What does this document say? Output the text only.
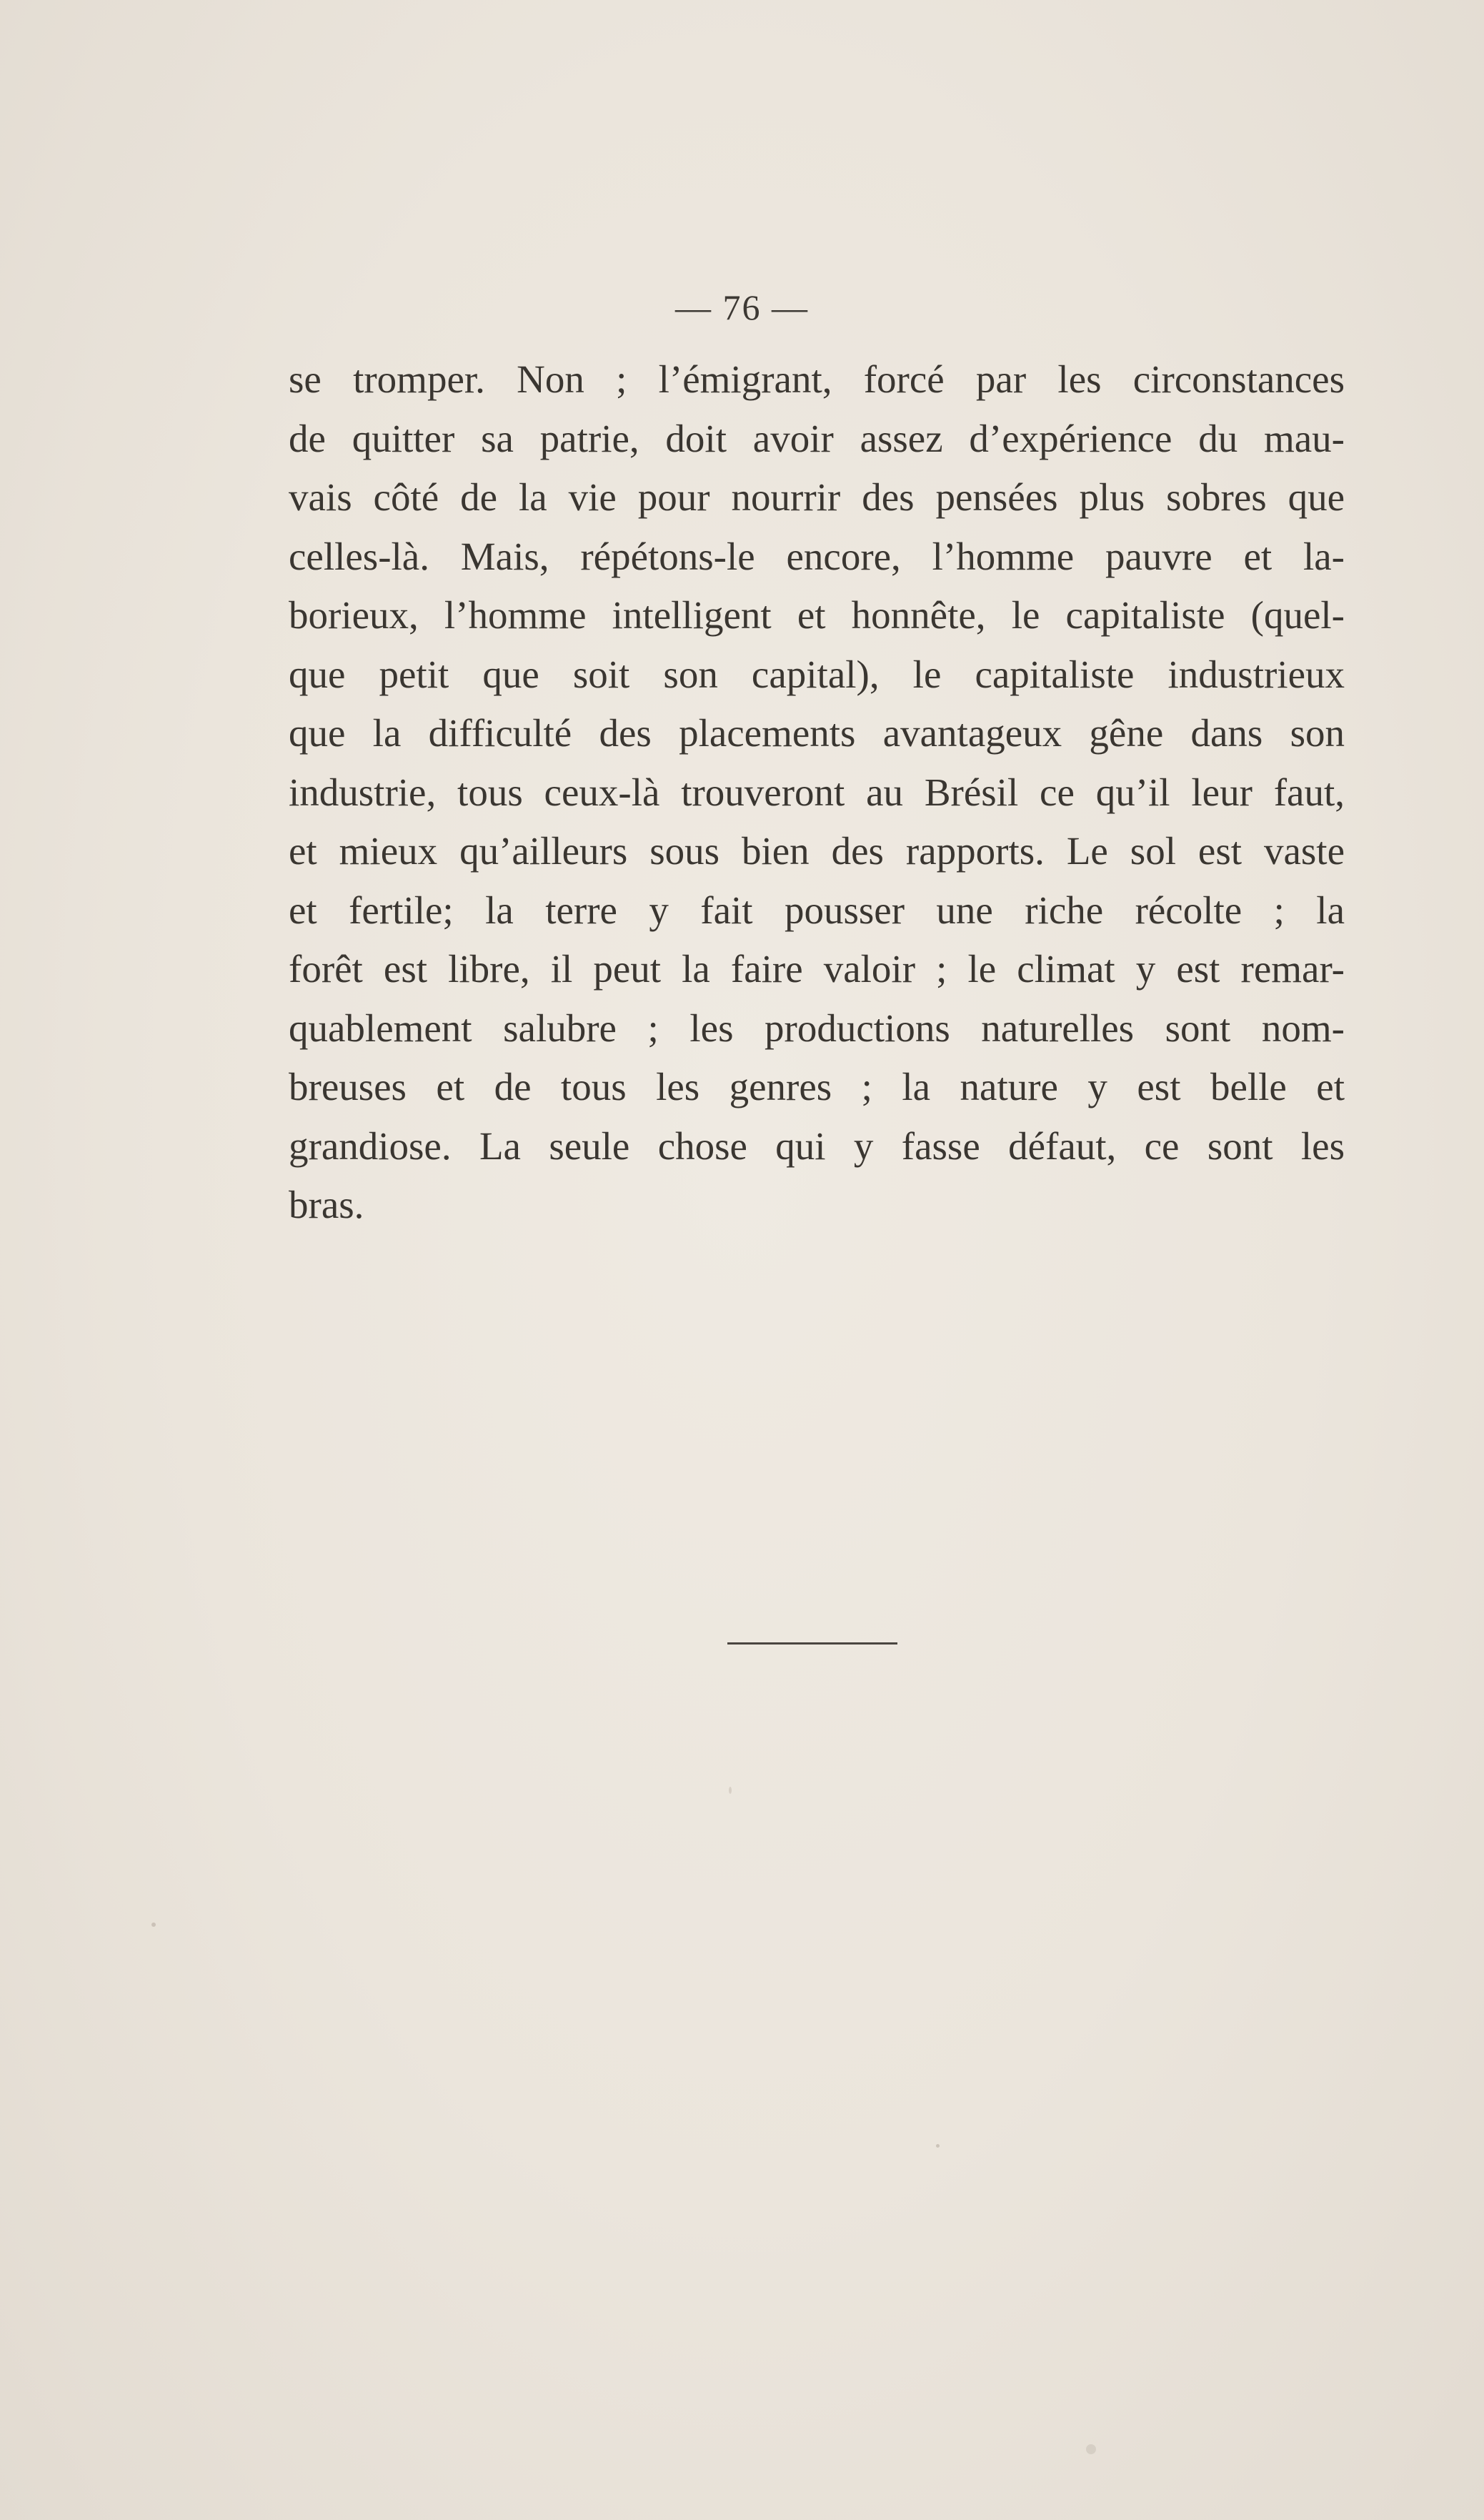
— 76 —
se tromper. Non ; l’émigrant, forcé par les circonstances
de quitter sa patrie, doit avoir assez d’expérience du mau-
vais côté de la vie pour nourrir des pensées plus sobres que
celles-là. Mais, répétons-le encore, l’homme pauvre et la-
borieux, l’homme intelligent et honnête, le capitaliste (quel-
que petit que soit son capital), le capitaliste industrieux
que la difficulté des placements avantageux gêne dans son
industrie, tous ceux-là trouveront au Brésil ce qu’il leur faut,
et mieux qu’ailleurs sous bien des rapports. Le sol est vaste
et fertile; la terre y fait pousser une riche récolte ; la
forêt est libre, il peut la faire valoir ; le climat y est remar-
quablement salubre ; les productions naturelles sont nom-
breuses et de tous les genres ; la nature y est belle et
grandiose. La seule chose qui y fasse défaut, ce sont les
bras.
